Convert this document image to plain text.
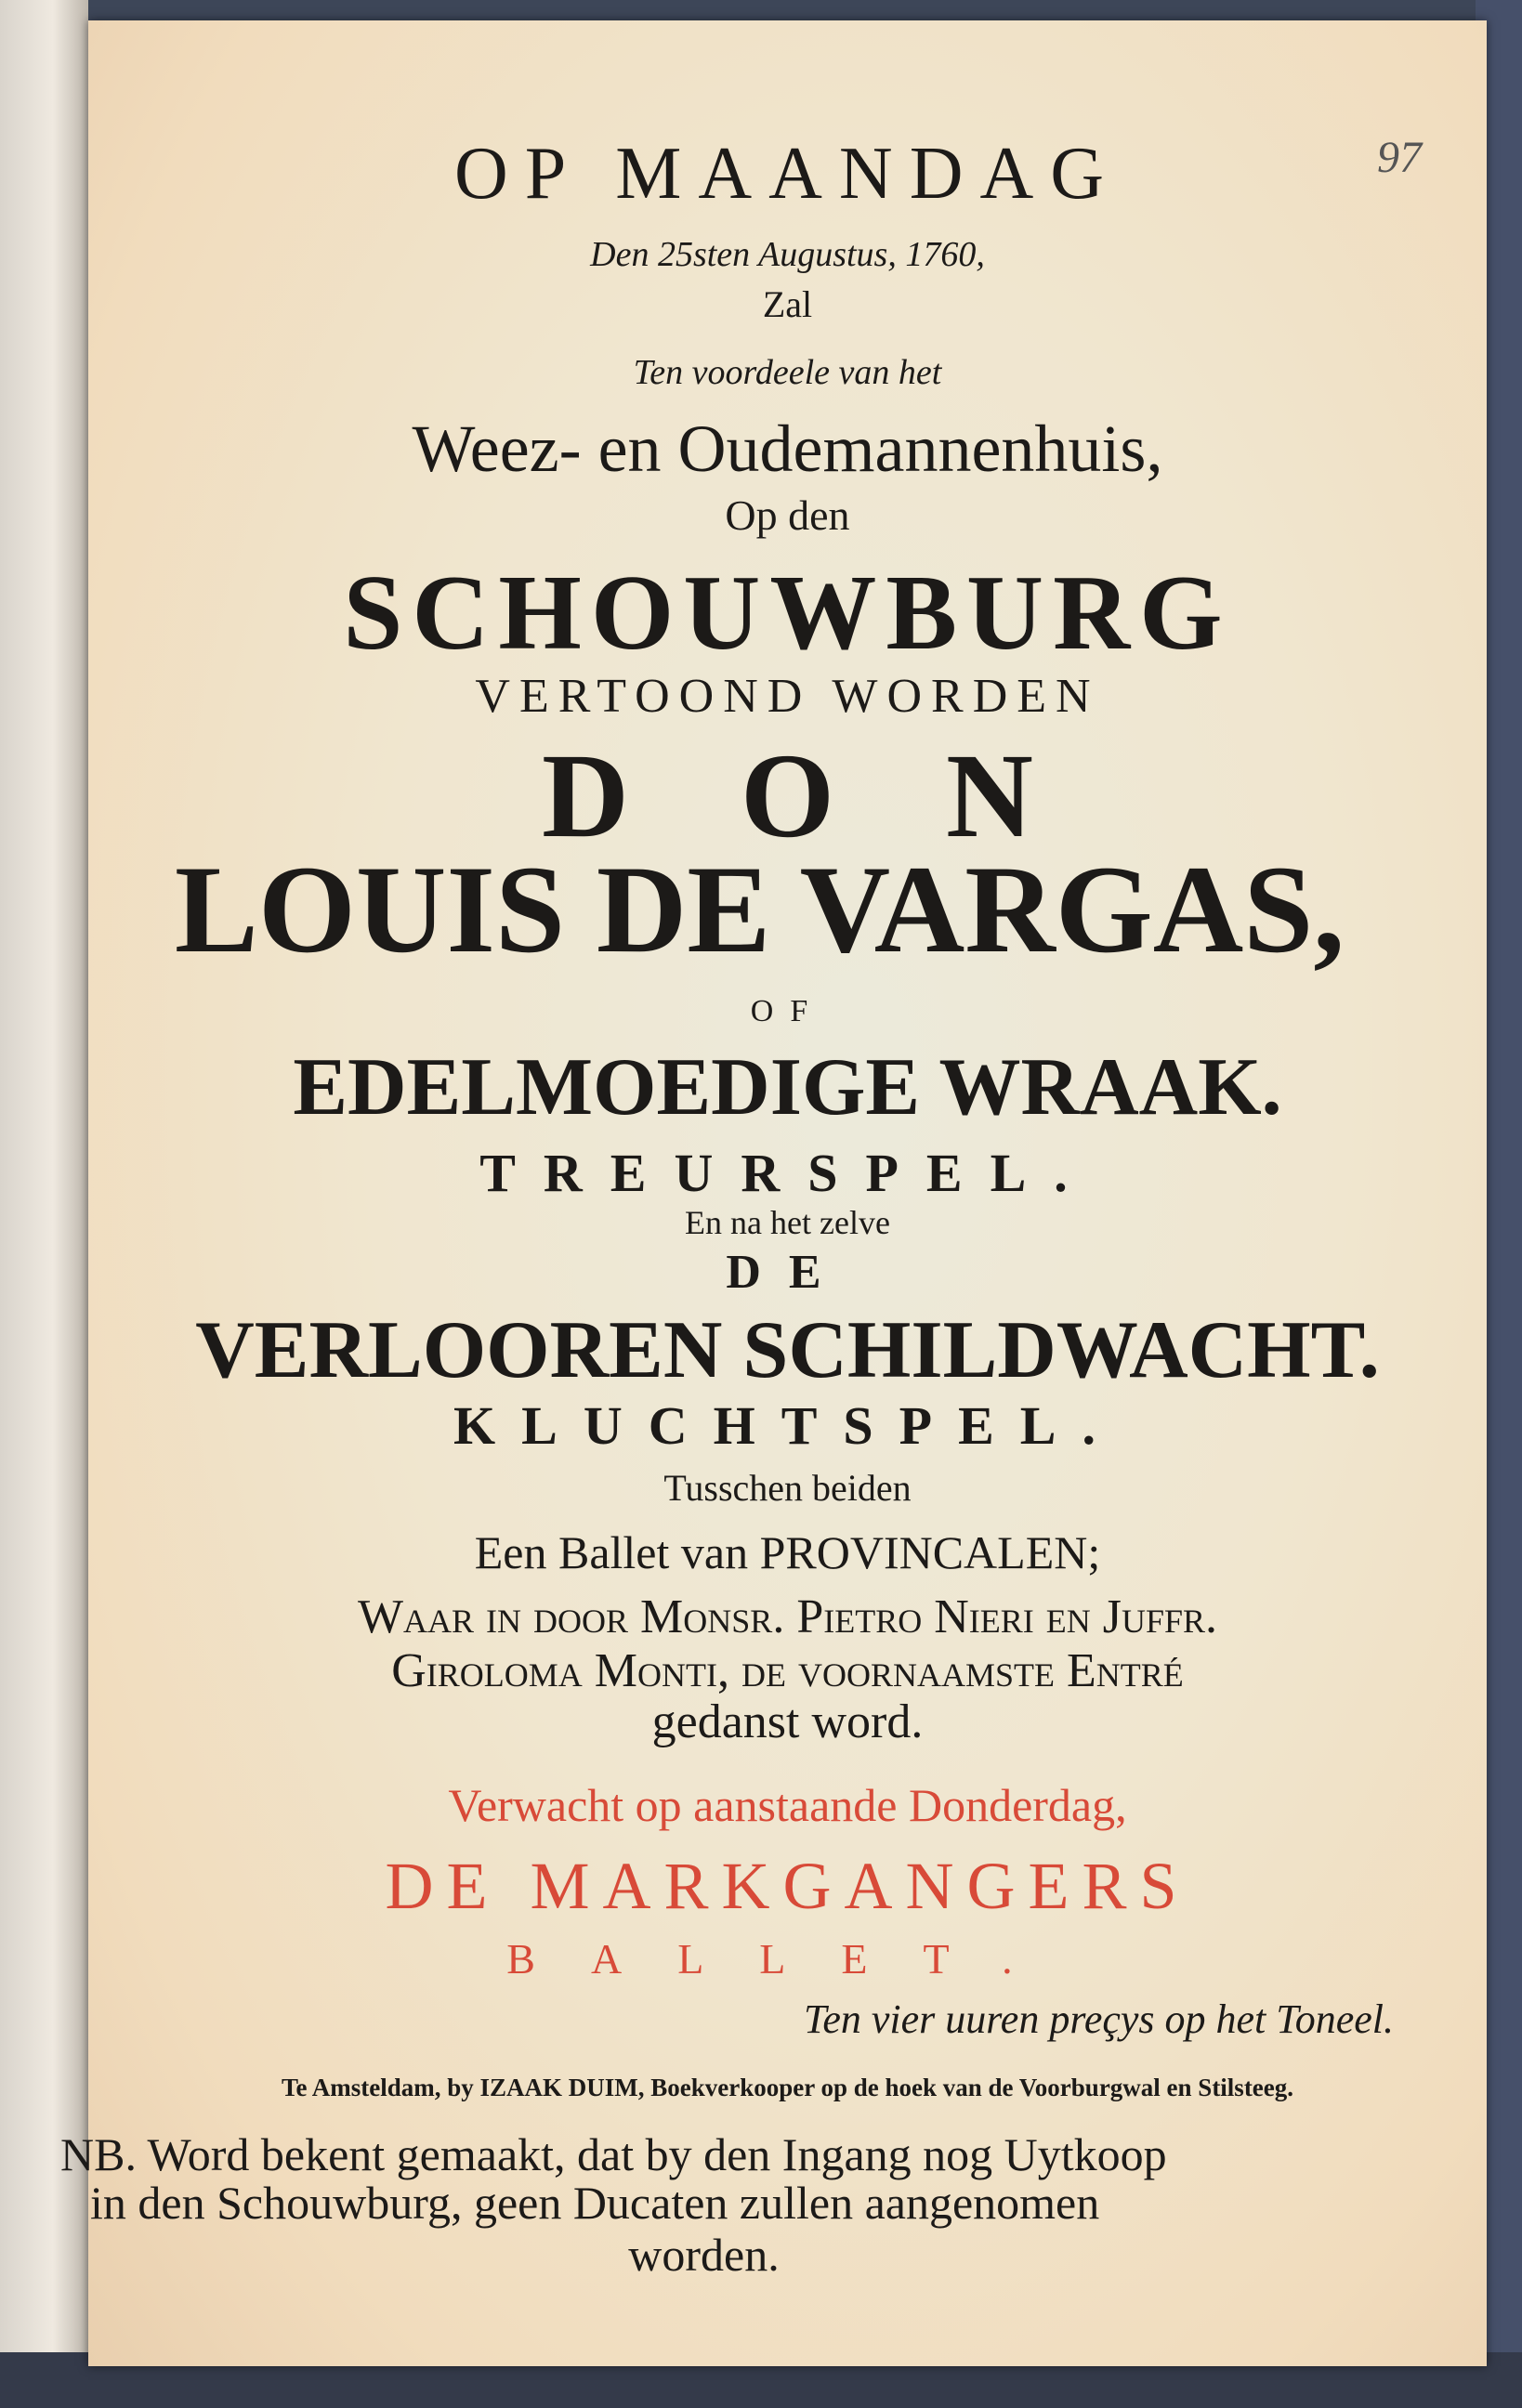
97
OP MAANDAG
Den 25sten Augustus, 1760,
Zal
Ten voordeele van het
Weez- en Oudemannenhuis,
Op den
SCHOUWBURG
VERTOOND WORDEN
DON
LOUIS DE VARGAS,
OF
EDELMOEDIGE WRAAK.
TREURSPEL.
En na het zelve
DE
VERLOOREN SCHILDWACHT.
KLUCHTSPEL.
Tusschen beiden
Een Ballet van PROVINCALEN;
Waar in door Monsr. Pietro Nieri en Juffr.
Giroloma Monti, de voornaamste Entré
gedanst word.
Verwacht op aanstaande Donderdag,
DE MARKGANGERS
BALLET.
Ten vier uuren preçys op het Toneel.
Te Amsteldam, by IZAAK DUIM, Boekverkooper op de hoek van de Voorburgwal en Stilsteeg.
NB. Word bekent gemaakt, dat by den Ingang nog Uytkoop
in den Schouwburg, geen Ducaten zullen aangenomen
worden.
